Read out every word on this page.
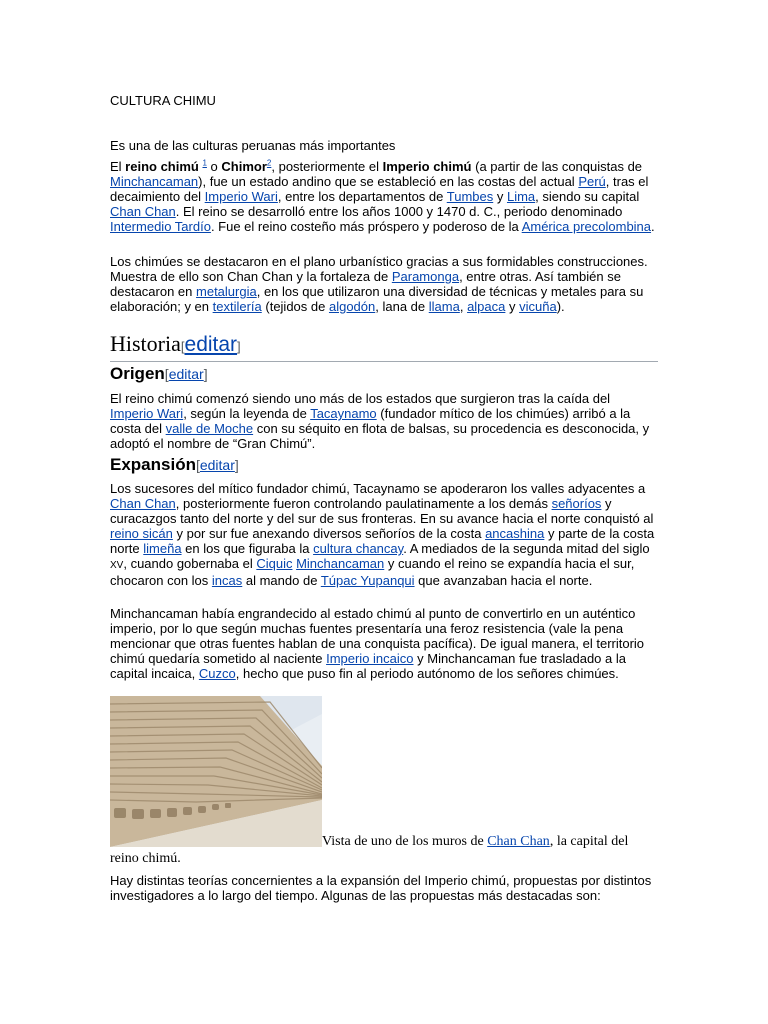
CULTURA CHIMU

Es una de las culturas peruanas más importantes

El reino chimú $^1$ o Chimor$^2$, posteriormente el Imperio chimú (a partir de las conquistas de Minchancaman), fue un estado andino que se estableció en las costas del actual Perú, tras el decaimiento del Imperio Wari, entre los departamentos de Tumbes y Lima, siendo su capital Chan Chan. El reino se desarrolló entre los años 1000 y 1470 d. C., periodo denominado Intermedio Tardío. Fue el reino costeño más próspero y poderoso de la América precolombina.

Los chimúes se destacaron en el plano urbanístico gracias a sus formidables construcciones. Muestra de ello son Chan Chan y la fortaleza de Paramonga, entre otras. Así también se destacaron en metalurgia, en los que utilizaron una diversidad de técnicas y metales para su elaboración; y en textilería (tejidos de algodón, lana de llama, alpaca y vicuña).

Historia[editar]
Origen[editar]

El reino chimú comenzó siendo uno más de los estados que surgieron tras la caída del Imperio Wari, según la leyenda de Tacaynamo (fundador mítico de los chimúes) arribó a la costa del valle de Moche con su séquito en flota de balsas, su procedencia es desconocida, y adoptó el nombre de “Gran Chimú”.

Expansión[editar]

Los sucesores del mítico fundador chimú, Tacaynamo se apoderaron los valles adyacentes a Chan Chan, posteriormente fueron controlando paulatinamente a los demás señoríos y curacazgos tanto del norte y del sur de sus fronteras. En su avance hacia el norte conquistó al reino sicán y por sur fue anexando diversos señoríos de la costa ancashina y parte de la costa norte limeña en los que figuraba la cultura chancay. A mediados de la segunda mitad del siglo XV, cuando gobernaba el Ciquic Minchancaman y cuando el reino se expandía hacia el sur, chocaron con los incas al mando de Túpac Yupanqui que avanzaban hacia el norte.

Minchancaman había engrandecido al estado chimú al punto de convertirlo en un auténtico imperio, por lo que según muchas fuentes presentaría una feroz resistencia (vale la pena mencionar que otras fuentes hablan de una conquista pacífica). De igual manera, el territorio chimú quedaría sometido al naciente Imperio incaico y Minchancaman fue trasladado a la capital incaica, Cuzco, hecho que puso fin al periodo autónomo de los señores chimúes.

Vista de uno de los muros de Chan Chan, la capital del reino chimú.

Hay distintas teorías concernientes a la expansión del Imperio chimú, propuestas por distintos investigadores a lo largo del tiempo. Algunas de las propuestas más destacadas son:
